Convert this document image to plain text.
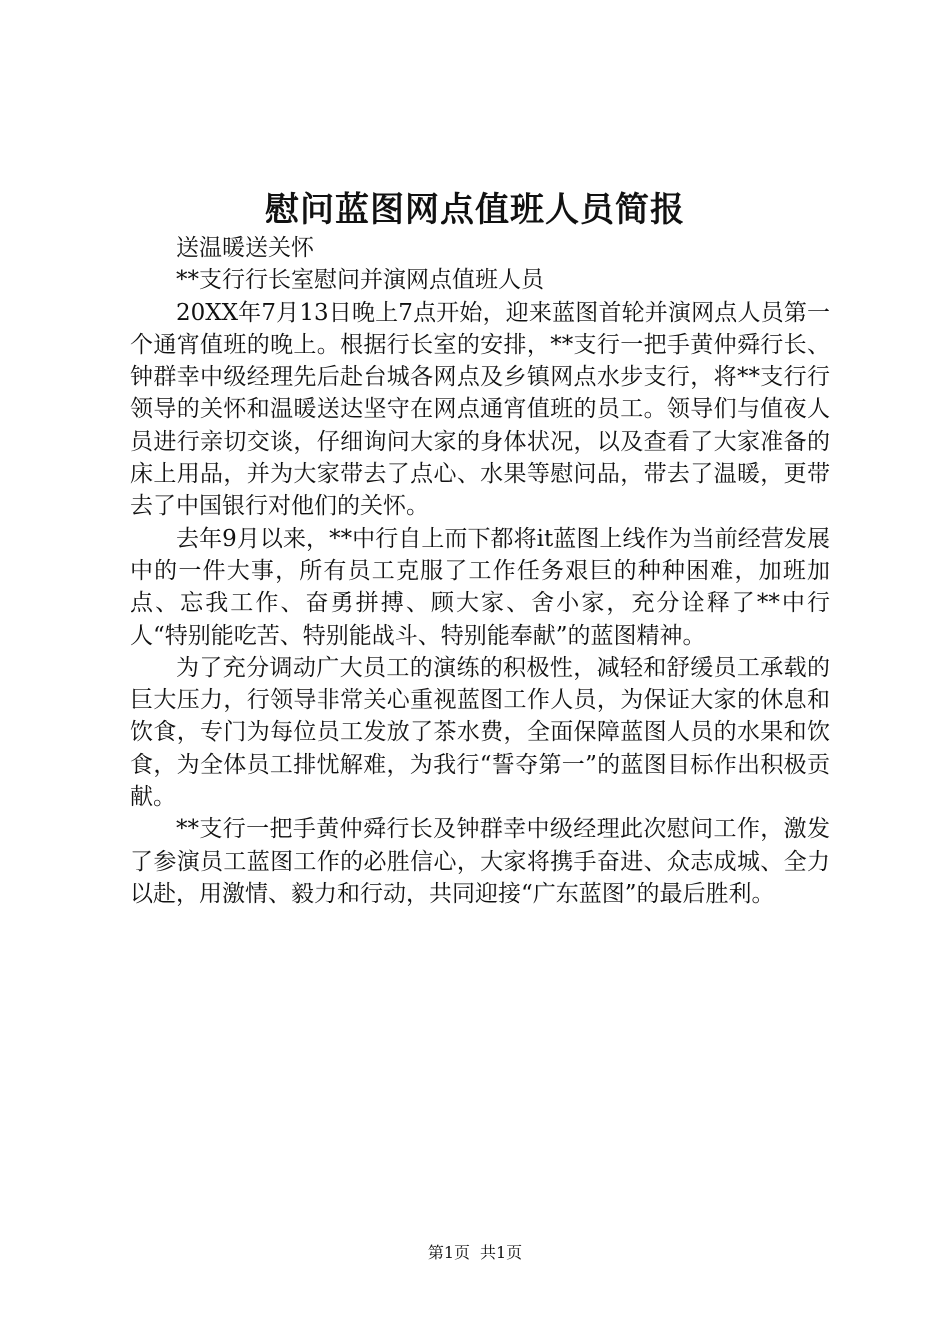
慰问蓝图网点值班人员简报

送温暖送关怀

**支行行长室慰问并演网点值班人员

20XX年7月13日晚上7点开始，迎来蓝图首轮并演网点人员第一个通宵值班的晚上。根据行长室的安排，**支行一把手黄仲舜行长、钟群幸中级经理先后赴台城各网点及乡镇网点水步支行，将**支行行领导的关怀和温暖送达坚守在网点通宵值班的员工。领导们与值夜人员进行亲切交谈，仔细询问大家的身体状况，以及查看了大家准备的床上用品，并为大家带去了点心、水果等慰问品，带去了温暖，更带去了中国银行对他们的关怀。

去年9月以来，**中行自上而下都将it蓝图上线作为当前经营发展中的一件大事，所有员工克服了工作任务艰巨的种种困难，加班加点、忘我工作、奋勇拼搏、顾大家、舍小家，充分诠释了**中行人“特别能吃苦、特别能战斗、特别能奉献”的蓝图精神。

为了充分调动广大员工的演练的积极性，减轻和舒缓员工承载的巨大压力，行领导非常关心重视蓝图工作人员，为保证大家的休息和饮食，专门为每位员工发放了茶水费，全面保障蓝图人员的水果和饮食，为全体员工排忧解难，为我行“誓夺第一”的蓝图目标作出积极贡献。

**支行一把手黄仲舜行长及钟群幸中级经理此次慰问工作，激发了参演员工蓝图工作的必胜信心，大家将携手奋进、众志成城、全力以赴，用激情、毅力和行动，共同迎接“广东蓝图”的最后胜利。

第1页 共1页
